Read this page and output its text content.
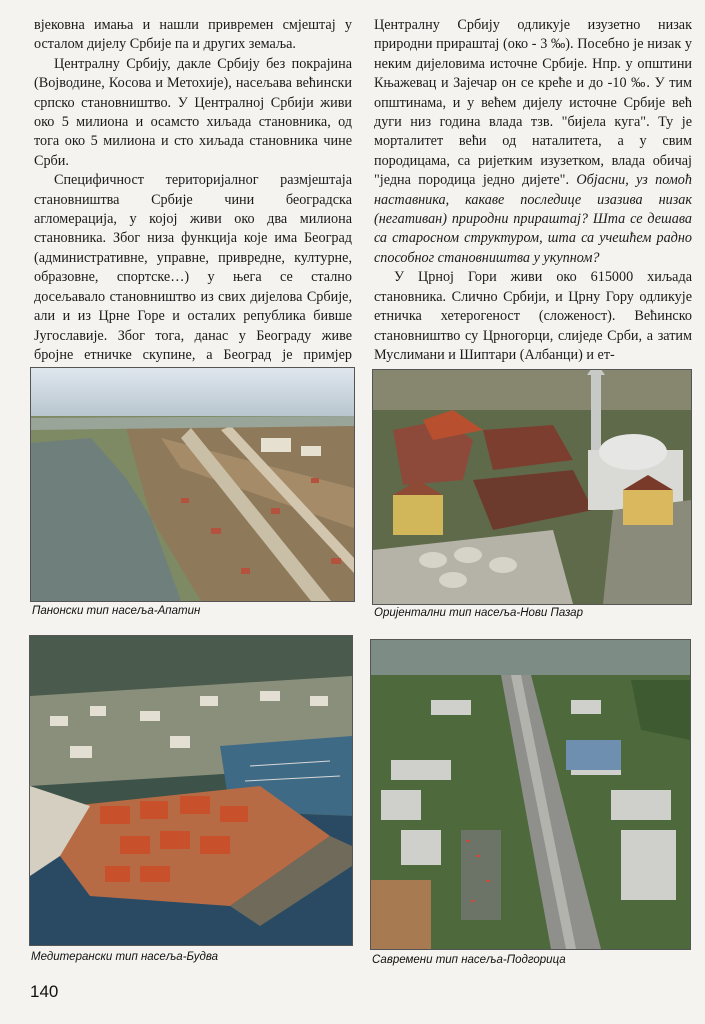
вјековна имања и нашли привремен смјештај у осталом дијелу Србије па и других земаља.

Централну Србију, дакле Србију без покрајина (Војводине, Косова и Метохије), насељава већински српско становништво. У Централној Србији живи око 5 милиона и осамсто хиљада становника, од тога око 5 милиона и сто хиљада становника чине Срби.

Специфичност територијалног размјештаја становништва Србије чини београдска агломерација, у којој живи око два милиона становника. Због низа функција које има Београд (административне, управне, привредне, културне, образовне, спортске…) у њега се стално досељавало становништво из свих дијелова Србије, али и из Црне Горе и осталих република бивше Југославије. Због тога, данас у Београду живе бројне етничке скупине, а Београд је примјер

Централну Србију одликује изузетно низак природни прираштај (око - 3 ‰). Посебно је низак у неким дијеловима источне Србије. Нпр. у општини Књажевац и Зајечар он се креће и до -10 ‰. У тим општинама, и у већем дијелу источне Србије већ дуги низ година влада тзв. "бијела куга". Ту је морталитет већи од наталитета, а у свим породицама, са ријетким изузетком, влада обичај "једна породица једно дијете". Објасни, уз помоћ наставника, какаве последице изазива низак (негативан) природни прираштај? Шта се дешава са старосном структуром, шта са учешћем радно способног становништва у укупном?

У Црној Гори живи око 615000 хиљада становника. Слично Србији, и Црну Гору одликује етничка хетерогеност (сложеност). Већинско становништво су Црногорци, слиједе Срби, а затим Муслимани и Шиптари (Албанци) и ет-

Панонски тип насеља-Апатин	Оријентални тип насеља-Нови Пазар
Медитерански тип насеља-Будва	Савремени тип насеља-Подгорица
140
